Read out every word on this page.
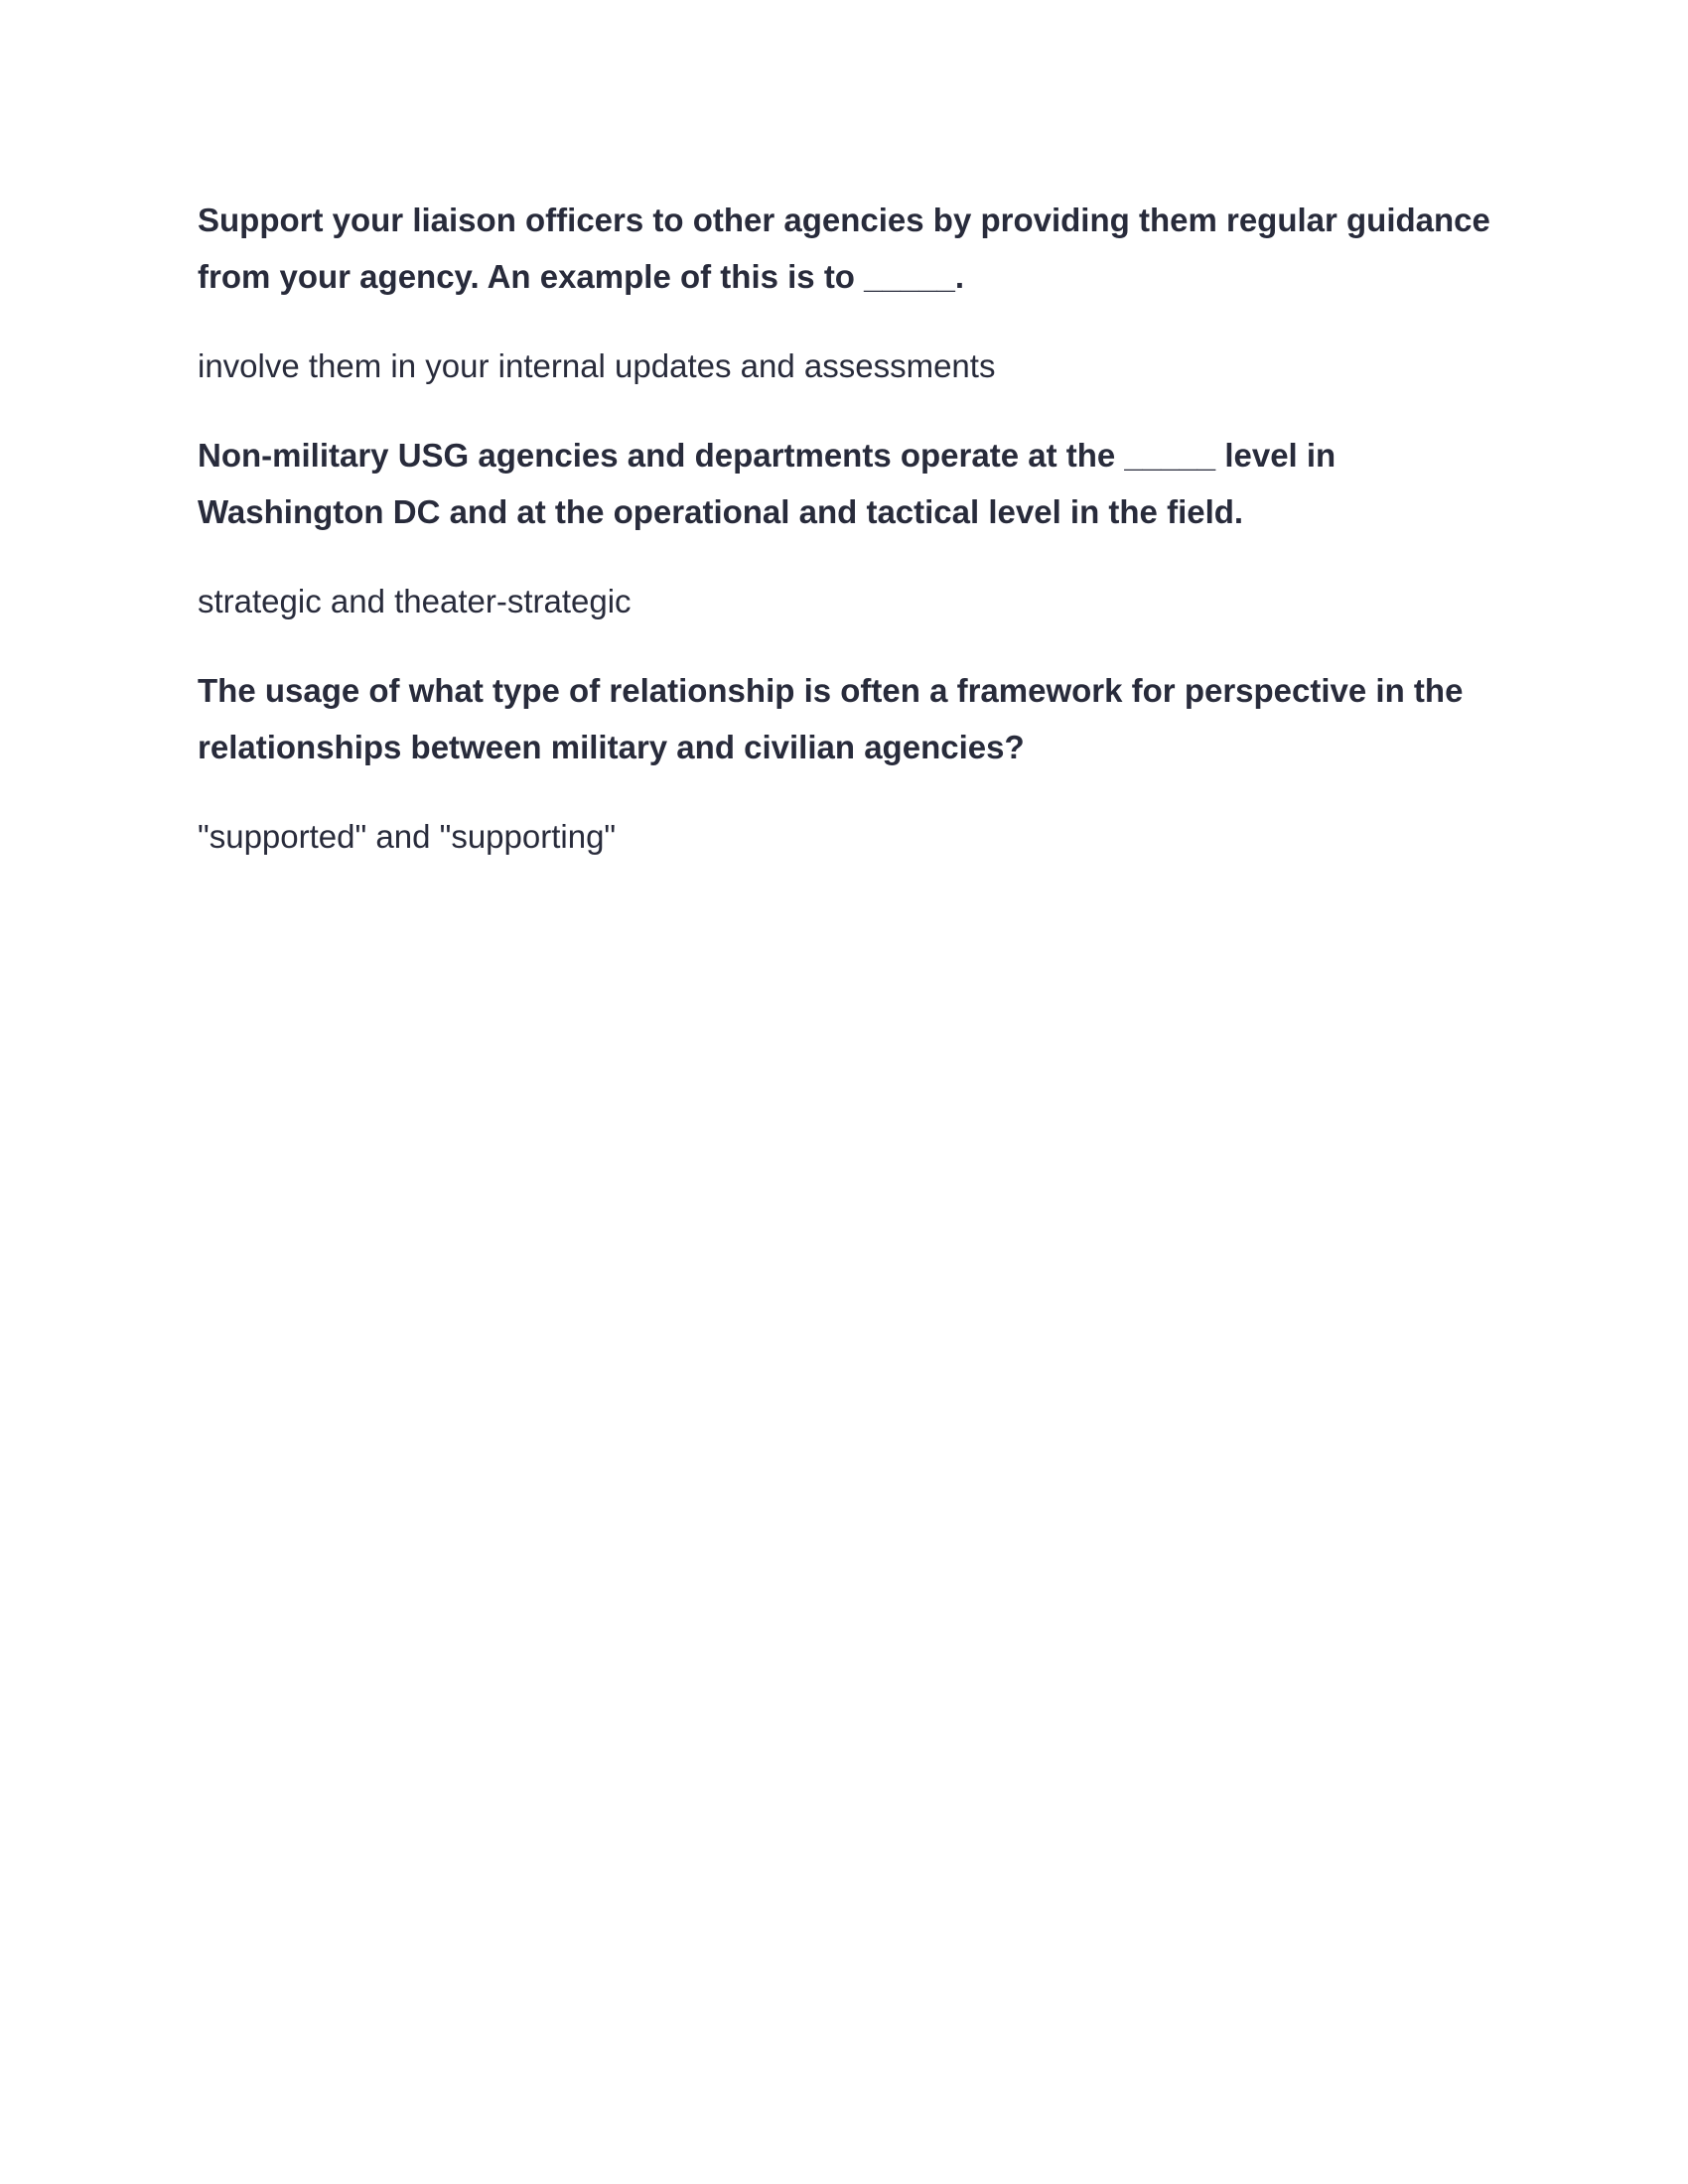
Support your liaison officers to other agencies by providing them regular guidance from your agency. An example of this is to _____.

involve them in your internal updates and assessments

Non-military USG agencies and departments operate at the _____ level in Washington DC and at the operational and tactical level in the field.

strategic and theater-strategic

The usage of what type of relationship is often a framework for perspective in the relationships between military and civilian agencies?

"supported" and "supporting"
